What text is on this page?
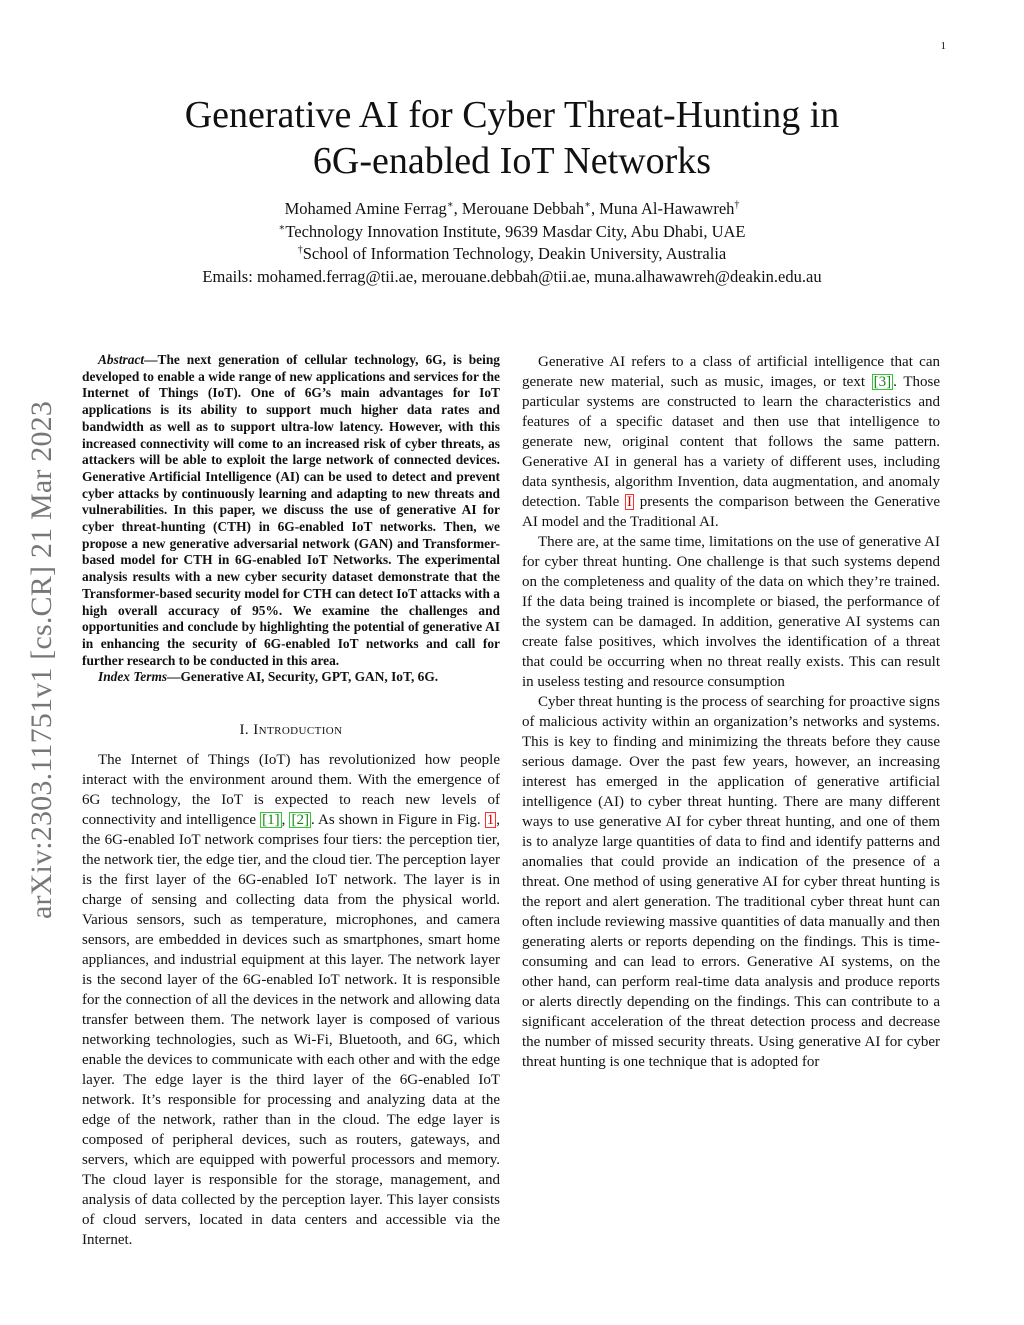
1
Generative AI for Cyber Threat-Hunting in
6G-enabled IoT Networks
Mohamed Amine Ferrag∗, Merouane Debbah∗, Muna Al-Hawawreh†
∗Technology Innovation Institute, 9639 Masdar City, Abu Dhabi, UAE
†School of Information Technology, Deakin University, Australia
Emails: mohamed.ferrag@tii.ae, merouane.debbah@tii.ae, muna.alhawawreh@deakin.edu.au
arXiv:2303.11751v1 [cs.CR] 21 Mar 2023

Abstract—The next generation of cellular technology, 6G, is being developed to enable a wide range of new applications and services for the Internet of Things (IoT). One of 6G’s main advantages for IoT applications is its ability to support much higher data rates and bandwidth as well as to support ultra-low latency. However, with this increased connectivity will come to an increased risk of cyber threats, as attackers will be able to exploit the large network of connected devices. Generative Artificial Intelligence (AI) can be used to detect and prevent cyber attacks by continuously learning and adapting to new threats and vulnerabilities. In this paper, we discuss the use of generative AI for cyber threat-hunting (CTH) in 6G-enabled IoT networks. Then, we propose a new generative adversarial network (GAN) and Transformer-based model for CTH in 6G-enabled IoT Networks. The experimental analysis results with a new cyber security dataset demonstrate that the Transformer-based security model for CTH can detect IoT attacks with a high overall accuracy of 95%. We examine the challenges and opportunities and conclude by highlighting the potential of generative AI in enhancing the security of 6G-enabled IoT networks and call for further research to be conducted in this area.

Index Terms—Generative AI, Security, GPT, GAN, IoT, 6G.

I. Introduction

The Internet of Things (IoT) has revolutionized how people interact with the environment around them. With the emergence of 6G technology, the IoT is expected to reach new levels of connectivity and intelligence [1] , [2] . As shown in Figure in Fig. 1 , the 6G-enabled IoT network comprises four tiers: the perception tier, the network tier, the edge tier, and the cloud tier. The perception layer is the first layer of the 6G-enabled IoT network. The layer is in charge of sensing and collecting data from the physical world. Various sensors, such as temperature, microphones, and camera sensors, are embedded in devices such as smartphones, smart home appliances, and industrial equipment at this layer. The network layer is the second layer of the 6G-enabled IoT network. It is responsible for the connection of all the devices in the network and allowing data transfer between them. The network layer is composed of various networking technologies, such as Wi-Fi, Bluetooth, and 6G, which enable the devices to communicate with each other and with the edge layer. The edge layer is the third layer of the 6G-enabled IoT network. It’s responsible for processing and analyzing data at the edge of the network, rather than in the cloud. The edge layer is composed of peripheral devices, such as routers, gateways, and servers, which are equipped with powerful processors and memory. The cloud layer is responsible for the storage, management, and analysis of data collected by the perception layer. This layer consists of cloud servers, located in data centers and accessible via the Internet.

Generative AI refers to a class of artificial intelligence that can generate new material, such as music, images, or text [3] . Those particular systems are constructed to learn the characteristics and features of a specific dataset and then use that intelligence to generate new, original content that follows the same pattern. Generative AI in general has a variety of different uses, including data synthesis, algorithm Invention, data augmentation, and anomaly detection. Table I presents the comparison between the Generative AI model and the Traditional AI.

There are, at the same time, limitations on the use of generative AI for cyber threat hunting. One challenge is that such systems depend on the completeness and quality of the data on which they’re trained. If the data being trained is incomplete or biased, the performance of the system can be damaged. In addition, generative AI systems can create false positives, which involves the identification of a threat that could be occurring when no threat really exists. This can result in useless testing and resource consumption

Cyber threat hunting is the process of searching for proactive signs of malicious activity within an organization’s networks and systems. This is key to finding and minimizing the threats before they cause serious damage. Over the past few years, however, an increasing interest has emerged in the application of generative artificial intelligence (AI) to cyber threat hunting. There are many different ways to use generative AI for cyber threat hunting, and one of them is to analyze large quantities of data to find and identify patterns and anomalies that could provide an indication of the presence of a threat. One method of using generative AI for cyber threat hunting is the report and alert generation. The traditional cyber threat hunt can often include reviewing massive quantities of data manually and then generating alerts or reports depending on the findings. This is time-consuming and can lead to errors. Generative AI systems, on the other hand, can perform real-time data analysis and produce reports or alerts directly depending on the findings. This can contribute to a significant acceleration of the threat detection process and decrease the number of missed security threats. Using generative AI for cyber threat hunting is one technique that is adopted for
